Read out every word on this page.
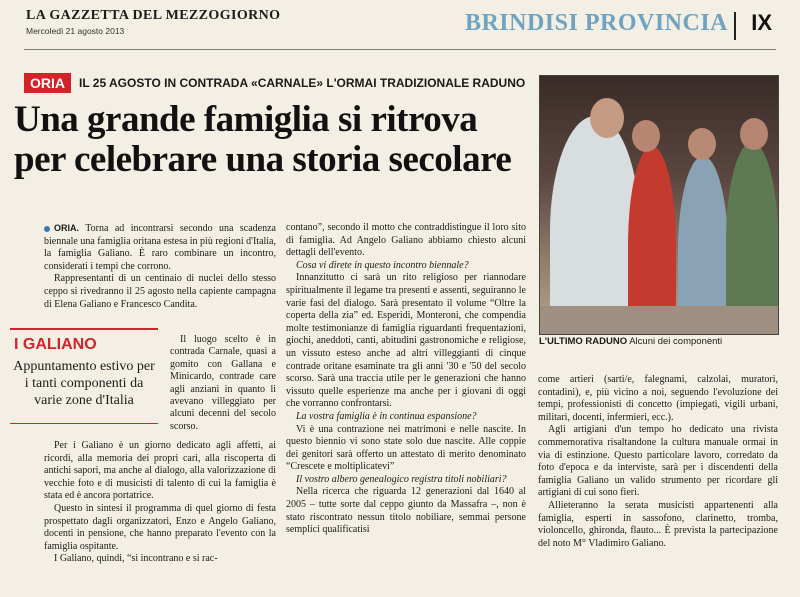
LA GAZZETTA DEL MEZZOGIORNO
Mercoledì 21 agosto 2013	BRINDISI PROVINCIA IX
ORIA	IL 25 AGOSTO IN CONTRADA «CARNALE» L'ORMAI TRADIZIONALE RADUNO
Una grande famiglia si ritrova
per celebrare una storia secolare
L'ULTIMO RADUNO Alcuni dei componenti
I GALIANO
Appuntamento estivo per i tanti componenti da varie zone d'Italia

ORIA. Torna ad incontrarsi secondo una scadenza biennale una famiglia oritana estesa in più regioni d'Italia, la famiglia Galiano. È raro combinare un incontro, considerati i tempi che corrono.

Rappresentanti di un centinaio di nuclei dello stesso ceppo si rivedranno il 25 agosto nella capiente campagna di Elena Galiano e Francesco Candita.

Il luogo scelto è in contrada Carnale, quasi a gomito con Gallana e Minicardo, contrade care agli anziani in quanto li avevano villeggiato per alcuni decenni del secolo scorso.

Per i Galiano è un giorno dedicato agli affetti, ai ricordi, alla memoria dei propri cari, alla riscoperta di antichi sapori, ma anche al dialogo, alla valorizzazione di vecchie foto e di musicisti di talento di cui la famiglia è stata ed è ancora portatrice.

Questo in sintesi il programma di quel giorno di festa prospettato dagli organizzatori, Enzo e Angelo Galiano, docenti in pensione, che hanno preparato l'evento con la famiglia ospitante.

I Galiano, quindi, “si incontrano e si rac-

contano”, secondo il motto che contraddistingue il loro sito di famiglia. Ad Angelo Galiano abbiamo chiesto alcuni dettagli dell'evento.

Cosa vi direte in questo incontro biennale?

Innanzitutto ci sarà un rito religioso per riannodare spiritualmente il legame tra presenti e assenti, seguiranno le varie fasi del dialogo. Sarà presentato il volume “Oltre la coperta della zia” ed. Esperidi, Monteroni, che compendia molte testimonianze di famiglia riguardanti frequentazioni, giochi, aneddoti, canti, abitudini gastronomiche e religiose, un vissuto esteso anche ad altri villeggianti di cinque contrade oritane esaminate tra gli anni '30 e '50 del secolo scorso. Sarà una traccia utile per le generazioni che hanno vissuto quelle esperienze ma anche per i giovani di oggi che vorranno confrontarsi.

La vostra famiglia è in continua espansione?

Vi è una contrazione nei matrimoni e nelle nascite. In questo biennio vi sono state solo due nascite. Alle coppie dei genitori sarà offerto un attestato di merito denominato “Crescete e moltiplicatevi”

Il vostro albero genealogico registra titoli nobiliari?

Nella ricerca che riguarda 12 generazioni dal 1640 al 2005 – tutte sorte dal ceppo giunto da Massafra –, non è stato riscontrato nessun titolo nobiliare, semmai persone semplici qualificatisi

come artieri (sarti/e, falegnami, calzolai, muratori, contadini), e, più vicino a noi, seguendo l'evoluzione dei tempi, professionisti di concetto (impiegati, vigili urbani, militari, docenti, infermieri, ecc.).

Agli artigiani d'un tempo ho dedicato una rivista commemorativa risaltandone la cultura manuale ormai in via di estinzione. Questo particolare lavoro, corredato da foto d'epoca e da interviste, sarà per i discendenti della famiglia Galiano un valido strumento per ricordare gli artigiani di cui sono fieri.

Allieteranno la serata musicisti appartenenti alla famiglia, esperti in sassofono, clarinetto, tromba, violoncello, ghironda, flauto... È prevista la partecipazione del noto M° Vladimiro Galiano.
